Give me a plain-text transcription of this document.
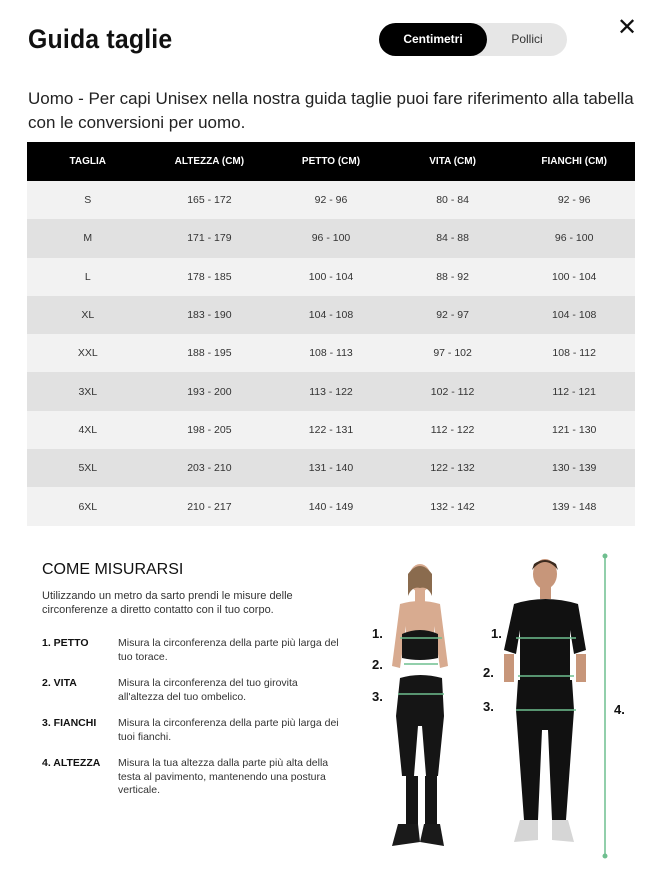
Guida taglie	Centimetri	Pollici	✕
Uomo - Per capi Unisex nella nostra guida taglie puoi fare riferimento alla tabella con le conversioni per uomo.
TAGLIA	ALTEZZA (CM)	PETTO (CM)	VITA (CM)	FIANCHI (CM)
S	165 - 172	92 - 96	80 - 84	92 - 96
M	171 - 179	96 - 100	84 - 88	96 - 100
L	178 - 185	100 - 104	88 - 92	100 - 104
XL	183 - 190	104 - 108	92 - 97	104 - 108
XXL	188 - 195	108 - 113	97 - 102	108 - 112
3XL	193 - 200	113 - 122	102 - 112	112 - 121
4XL	198 - 205	122 - 131	112 - 122	121 - 130
5XL	203 - 210	131 - 140	122 - 132	130 - 139
6XL	210 - 217	140 - 149	132 - 142	139 - 148
COME MISURARSI
Utilizzando un metro da sarto prendi le misure delle circonferenze a diretto contatto con il tuo corpo.
1. PETTO	Misura la circonferenza della parte più larga del tuo torace.
2. VITA	Misura la circonferenza del tuo girovita all'altezza del tuo ombelico.
3. FIANCHI	Misura la circonferenza della parte più larga dei tuoi fianchi.
4. ALTEZZA	Misura la tua altezza dalla parte più alta della testa al pavimento, mantenendo una postura verticale.
1.
2.
3.
1.
2.
3.	4.
